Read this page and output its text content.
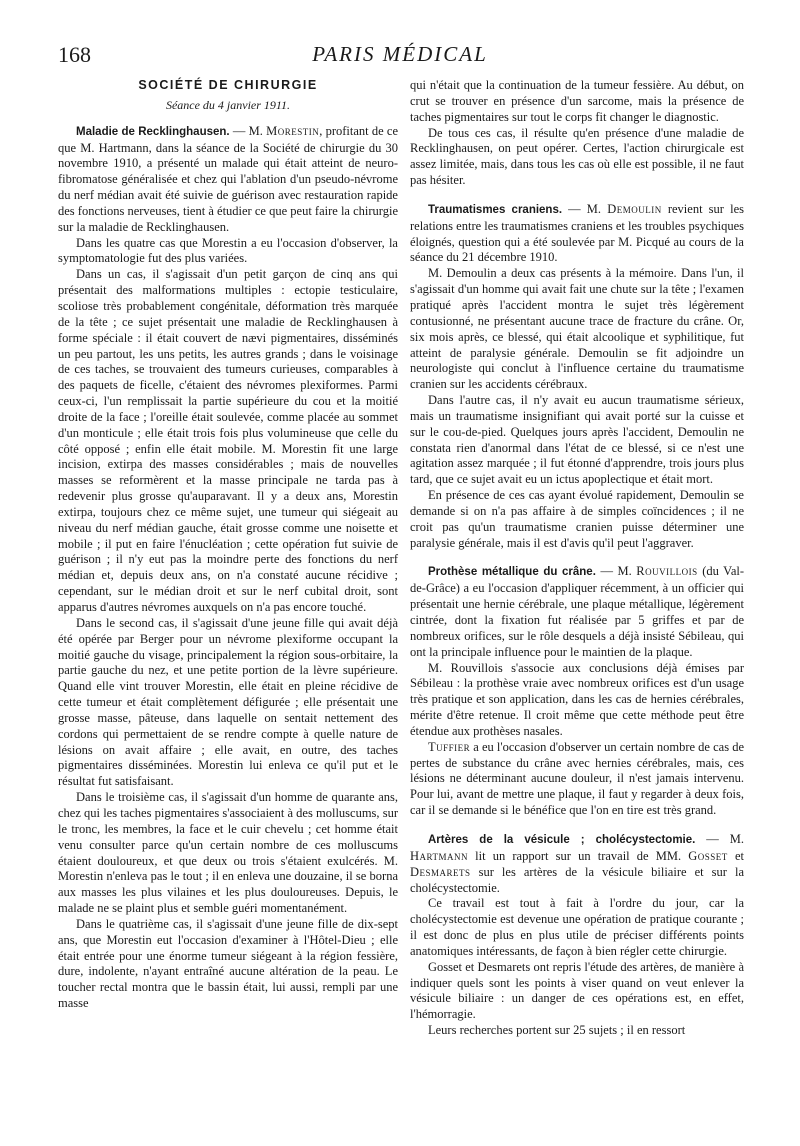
168	PARIS MÉDICAL
SOCIÉTÉ DE CHIRURGIE
Séance du 4 janvier 1911.

Maladie de Recklinghausen. — M. Morestin, profitant de ce que M. Hartmann, dans la séance de la Société de chirurgie du 30 novembre 1910, a présenté un malade qui était atteint de neuro-fibromatose généralisée et chez qui l'ablation d'un pseudo-névrome du nerf médian avait été suivie de guérison avec restauration rapide des fonctions nerveuses, tient à étudier ce que peut faire la chirurgie sur la maladie de Recklinghausen.

Dans les quatre cas que Morestin a eu l'occasion d'observer, la symptomatologie fut des plus variées.

Dans un cas, il s'agissait d'un petit garçon de cinq ans qui présentait des malformations multiples : ectopie testiculaire, scoliose très probablement congénitale, déformation très marquée de la tête ; ce sujet présentait une maladie de Recklinghausen à forme spéciale : il était couvert de nævi pigmentaires, disséminés un peu partout, les uns petits, les autres grands ; dans le voisinage de ces taches, se trouvaient des tumeurs curieuses, comparables à des paquets de ficelle, c'étaient des névromes plexiformes. Parmi ceux-ci, l'un remplissait la partie supérieure du cou et la moitié droite de la face ; l'oreille était soulevée, comme placée au sommet d'un monticule ; elle était trois fois plus volumineuse que celle du côté opposé ; enfin elle était mobile. M. Morestin fit une large incision, extirpa des masses considérables ; mais de nouvelles masses se reformèrent et la masse principale ne tarda pas à redevenir plus grosse qu'auparavant. Il y a deux ans, Morestin extirpa, toujours chez ce même sujet, une tumeur qui siégeait au niveau du nerf médian gauche, était grosse comme une noisette et mobile ; il put en faire l'énucléation ; cette opération fut suivie de guérison ; il n'y eut pas la moindre perte des fonctions du nerf médian et, depuis deux ans, on n'a constaté aucune récidive ; cependant, sur le médian droit et sur le nerf cubital droit, sont apparus d'autres névromes auxquels on n'a pas encore touché.

Dans le second cas, il s'agissait d'une jeune fille qui avait déjà été opérée par Berger pour un névrome plexiforme occupant la moitié gauche du visage, principalement la région sous-orbitaire, la partie gauche du nez, et une petite portion de la lèvre supérieure. Quand elle vint trouver Morestin, elle était en pleine récidive de cette tumeur et était complètement défigurée ; elle présentait une grosse masse, pâteuse, dans laquelle on sentait nettement des cordons qui permettaient de se rendre compte à quelle nature de lésions on avait affaire ; elle avait, en outre, des taches pigmentaires disséminées. Morestin lui enleva ce qu'il put et le résultat fut satisfaisant.

Dans le troisième cas, il s'agissait d'un homme de quarante ans, chez qui les taches pigmentaires s'associaient à des molluscums, sur le tronc, les membres, la face et le cuir chevelu ; cet homme était venu consulter parce qu'un certain nombre de ces molluscums étaient douloureux, et que deux ou trois s'étaient exulcérés. M. Morestin n'enleva pas le tout ; il en enleva une douzaine, il se borna aux masses les plus vilaines et les plus douloureuses. Depuis, le malade ne se plaint plus et semble guéri momentanément.

Dans le quatrième cas, il s'agissait d'une jeune fille de dix-sept ans, que Morestin eut l'occasion d'examiner à l'Hôtel-Dieu ; elle était entrée pour une énorme tumeur siégeant à la région fessière, dure, indolente, n'ayant entraîné aucune altération de la peau. Le toucher rectal montra que le bassin était, lui aussi, rempli par une masse

qui n'était que la continuation de la tumeur fessière. Au début, on crut se trouver en présence d'un sarcome, mais la présence de taches pigmentaires sur tout le corps fit changer le diagnostic.

De tous ces cas, il résulte qu'en présence d'une maladie de Recklinghausen, on peut opérer. Certes, l'action chirurgicale est assez limitée, mais, dans tous les cas où elle est possible, il ne faut pas hésiter.

Traumatismes craniens. — M. Demoulin revient sur les relations entre les traumatismes craniens et les troubles psychiques éloignés, question qui a été soulevée par M. Picqué au cours de la séance du 21 décembre 1910.

M. Demoulin a deux cas présents à la mémoire. Dans l'un, il s'agissait d'un homme qui avait fait une chute sur la tête ; l'examen pratiqué après l'accident montra le sujet très légèrement contusionné, ne présentant aucune trace de fracture du crâne. Or, six mois après, ce blessé, qui était alcoolique et syphilitique, fut atteint de paralysie générale. Demoulin se fit adjoindre un neurologiste qui conclut à l'influence certaine du traumatisme cranien sur les accidents cérébraux.

Dans l'autre cas, il n'y avait eu aucun traumatisme sérieux, mais un traumatisme insignifiant qui avait porté sur la cuisse et sur le cou-de-pied. Quelques jours après l'accident, Demoulin ne constata rien d'anormal dans l'état de ce blessé, si ce n'est une agitation assez marquée ; il fut étonné d'apprendre, trois jours plus tard, que ce sujet avait eu un ictus apoplectique et était mort.

En présence de ces cas ayant évolué rapidement, Demoulin se demande si on n'a pas affaire à de simples coïncidences ; il ne croit pas qu'un traumatisme cranien puisse déterminer une paralysie générale, mais il est d'avis qu'il peut l'aggraver.

Prothèse métallique du crâne. — M. Rouvillois (du Val-de-Grâce) a eu l'occasion d'appliquer récemment, à un officier qui présentait une hernie cérébrale, une plaque métallique, légèrement cintrée, dont la fixation fut réalisée par 5 griffes et par de nombreux orifices, sur le rôle desquels a déjà insisté Sébileau, qui ont la principale influence pour le maintien de la plaque.

M. Rouvillois s'associe aux conclusions déjà émises par Sébileau : la prothèse vraie avec nombreux orifices est d'un usage très pratique et son application, dans les cas de hernies cérébrales, mérite d'être retenue. Il croit même que cette méthode peut être étendue aux prothèses nasales.

Tuffier a eu l'occasion d'observer un certain nombre de cas de pertes de substance du crâne avec hernies cérébrales, mais, ces lésions ne déterminant aucune douleur, il n'est jamais intervenu. Pour lui, avant de mettre une plaque, il faut y regarder à deux fois, car il se demande si le bénéfice que l'on en tire est très grand.

Artères de la vésicule ; cholécystectomie. — M. Hartmann lit un rapport sur un travail de MM. Gosset et Desmarets sur les artères de la vésicule biliaire et sur la cholécystectomie.

Ce travail est tout à fait à l'ordre du jour, car la cholécystectomie est devenue une opération de pratique courante ; il est donc de plus en plus utile de préciser différents points anatomiques intéressants, de façon à bien régler cette chirurgie.

Gosset et Desmarets ont repris l'étude des artères, de manière à indiquer quels sont les points à viser quand on veut enlever la vésicule biliaire : un danger de ces opérations est, en effet, l'hémorragie.

Leurs recherches portent sur 25 sujets ; il en ressort
